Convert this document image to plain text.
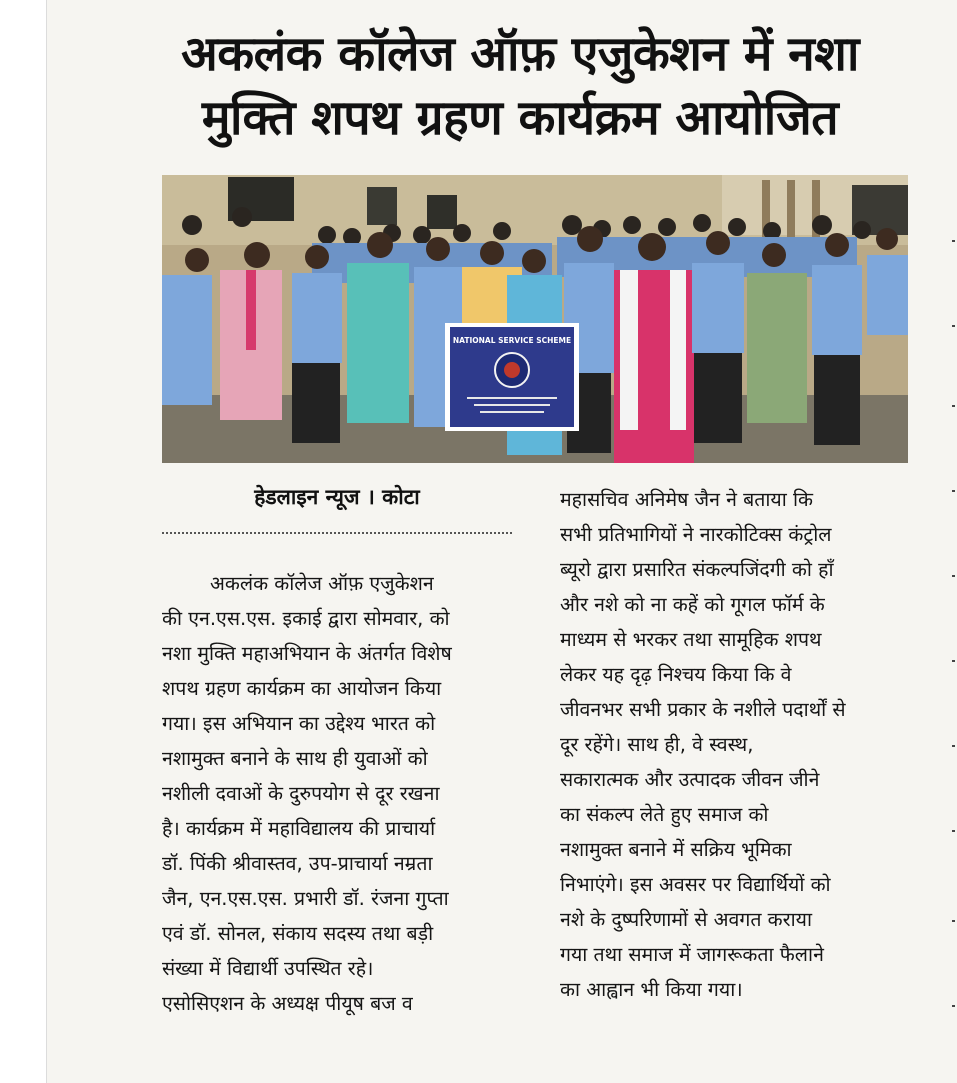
अकलंक कॉलेज ऑफ़ एजुकेशन में नशा
मुक्ति शपथ ग्रहण कार्यक्रम आयोजित
NATIONAL SERVICE SCHEME
हेडलाइन न्यूज । कोटा
अकलंक कॉलेज ऑफ़ एजुकेशन
की एन.एस.एस. इकाई द्वारा सोमवार, को
नशा मुक्ति महाअभियान के अंतर्गत विशेष
शपथ ग्रहण कार्यक्रम का आयोजन किया
गया। इस अभियान का उद्देश्य भारत को
नशामुक्त बनाने के साथ ही युवाओं को
नशीली दवाओं के दुरुपयोग से दूर रखना
है। कार्यक्रम में महाविद्यालय की प्राचार्या
डॉ. पिंकी श्रीवास्तव, उप-प्राचार्या नम्रता
जैन, एन.एस.एस. प्रभारी डॉ. रंजना गुप्ता
एवं डॉ. सोनल, संकाय सदस्य तथा बड़ी
संख्या में विद्यार्थी उपस्थित रहे।
एसोसिएशन के अध्यक्ष पीयूष बज व
महासचिव अनिमेष जैन ने बताया कि
सभी प्रतिभागियों ने नारकोटिक्स कंट्रोल
ब्यूरो द्वारा प्रसारित संकल्पजिंदगी को हाँ
और नशे को ना कहें को गूगल फॉर्म के
माध्यम से भरकर तथा सामूहिक शपथ
लेकर यह दृढ़ निश्चय किया कि वे
जीवनभर सभी प्रकार के नशीले पदार्थों से
दूर रहेंगे। साथ ही, वे स्वस्थ,
सकारात्मक और उत्पादक जीवन जीने
का संकल्प लेते हुए समाज को
नशामुक्त बनाने में सक्रिय भूमिका
निभाएंगे। इस अवसर पर विद्यार्थियों को
नशे के दुष्परिणामों से अवगत कराया
गया तथा समाज में जागरूकता फैलाने
का आह्वान भी किया गया।
